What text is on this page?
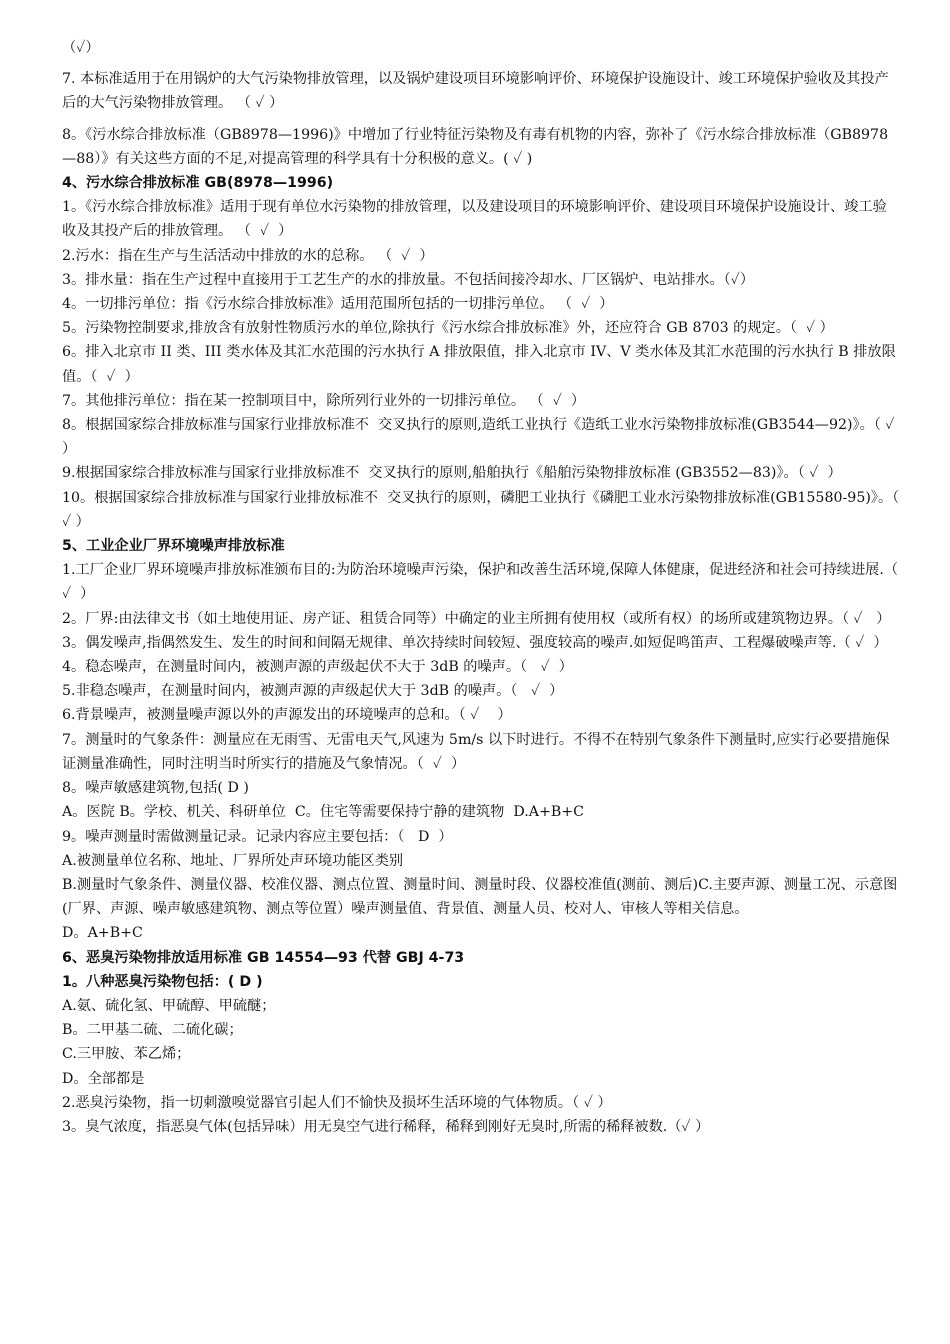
（✓）

7. 本标准适用于在用锅炉的大气污染物排放管理，以及锅炉建设项目环境影响评价、环境保护设施设计、竣工环境保护验收及其投产后的大气污染物排放管理。 （ ✓ ）

8。《污水综合排放标准（GB8978—1996)》中增加了行业特征污染物及有毒有机物的内容，弥补了《污水综合排放标准（GB8978—88）》有关这些方面的不足,对提高管理的科学具有十分积极的意义。( ✓ )

4、污水综合排放标准 GB(8978—1996)

1。《污水综合排放标准》适用于现有单位水污染物的排放管理，以及建设项目的环境影响评价、建设项目环境保护设施设计、竣工验收及其投产后的排放管理。 （  ✓  ）

2.污水：指在生产与生活活动中排放的水的总称。 （  ✓  ）

3。排水量：指在生产过程中直接用于工艺生产的水的排放量。不包括间接冷却水、厂区锅炉、电站排水。（✓）

4。一切排污单位：指《污水综合排放标准》适用范围所包括的一切排污单位。 （  ✓  ）

5。污染物控制要求,排放含有放射性物质污水的单位,除执行《污水综合排放标准》外，还应符合 GB 8703 的规定。（  ✓ ）

6。排入北京市 II 类、III 类水体及其汇水范围的污水执行 A 排放限值，排入北京市 IV、V 类水体及其汇水范围的污水执行 B 排放限值。（  ✓  ）

7。其他排污单位：指在某一控制项目中，除所列行业外的一切排污单位。 （  ✓  ）

8。根据国家综合排放标准与国家行业排放标准不  交叉执行的原则,造纸工业执行《造纸工业水污染物排放标准(GB3544—92)》。（ ✓  ）

9.根据国家综合排放标准与国家行业排放标准不  交叉执行的原则,船舶执行《船舶污染物排放标准 (GB3552—83)》。（ ✓  ）

10。根据国家综合排放标准与国家行业排放标准不  交叉执行的原则，磷肥工业执行《磷肥工业水污染物排放标准(GB15580-95)》。（   ✓ ）

5、工业企业厂界环境噪声排放标准

1.工厂企业厂界环境噪声排放标准颁布目的:为防治环境噪声污染，保护和改善生活环境,保障人体健康，促进经济和社会可持续进展.（ ✓  ）

2。厂界:由法律文书（如土地使用证、房产证、租赁合同等）中确定的业主所拥有使用权（或所有权）的场所或建筑物边界。（ ✓   ）

3。偶发噪声,指偶然发生、发生的时间和间隔无规律、单次持续时间较短、强度较高的噪声.如短促鸣笛声、工程爆破噪声等.（ ✓  ）

4。稳态噪声，在测量时间内，被测声源的声级起伏不大于 3dB 的噪声。（   ✓  ）

5.非稳态噪声，在测量时间内，被测声源的声级起伏大于 3dB 的噪声。（   ✓  ）

6.背景噪声，被测量噪声源以外的声源发出的环境噪声的总和。（ ✓    ）

7。测量时的气象条件：测量应在无雨雪、无雷电天气,风速为 5m/s 以下时进行。不得不在特别气象条件下测量时,应实行必要措施保证测量准确性，同时注明当时所实行的措施及气象情况。（  ✓  ）

8。噪声敏感建筑物,包括( D )

A。医院 B。学校、机关、科研单位  C。住宅等需要保持宁静的建筑物  D.A+B+C

9。噪声测量时需做测量记录。记录内容应主要包括：（   D  ）

A.被测量单位名称、地址、厂界所处声环境功能区类别

B.测量时气象条件、测量仪器、校准仪器、测点位置、测量时间、测量时段、仪器校准值(测前、测后)C.主要声源、测量工况、示意图(厂界、声源、噪声敏感建筑物、测点等位置）噪声测量值、背景值、测量人员、校对人、审核人等相关信息。

D。A+B+C

6、恶臭污染物排放适用标准 GB 14554—93 代替 GBJ 4-73

1。八种恶臭污染物包括：( D )

A.氨、硫化氢、甲硫醇、甲硫醚；

B。二甲基二硫、二硫化碳；

C.三甲胺、苯乙烯；

D。全部都是

2.恶臭污染物，指一切刺激嗅觉器官引起人们不愉快及损坏生活环境的气体物质。（ ✓ ）

3。臭气浓度，指恶臭气体(包括异味）用无臭空气进行稀释，稀释到刚好无臭时,所需的稀释被数.（✓ ）
